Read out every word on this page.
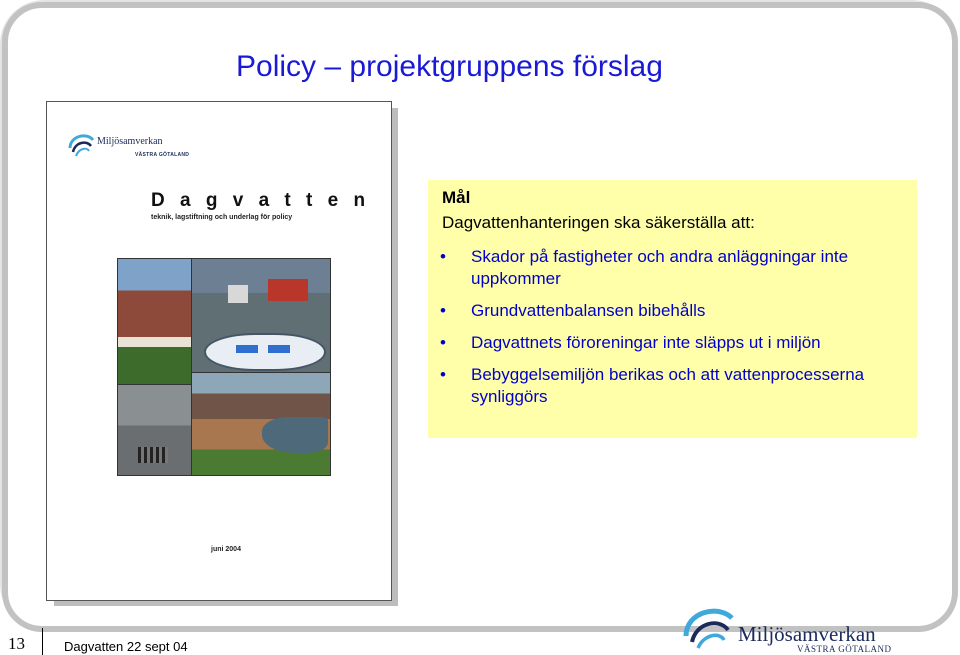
Policy – projektgruppens förslag
Miljösamverkan
VÄSTRA GÖTALAND
D a g v a t t e n
teknik, lagstiftning och underlag för policy
juni 2004
Mål
Dagvattenhanteringen ska säkerställa att:
• Skador på fastigheter och andra anläggningar inte uppkommer
• Grundvattenbalansen bibehålls
• Dagvattnets föroreningar inte släpps ut i miljön
• Bebyggelsemiljön berikas och att vattenprocesserna synliggörs
13	Dagvatten 22 sept 04
Miljösamverkan
VÄSTRA GÖTALAND
